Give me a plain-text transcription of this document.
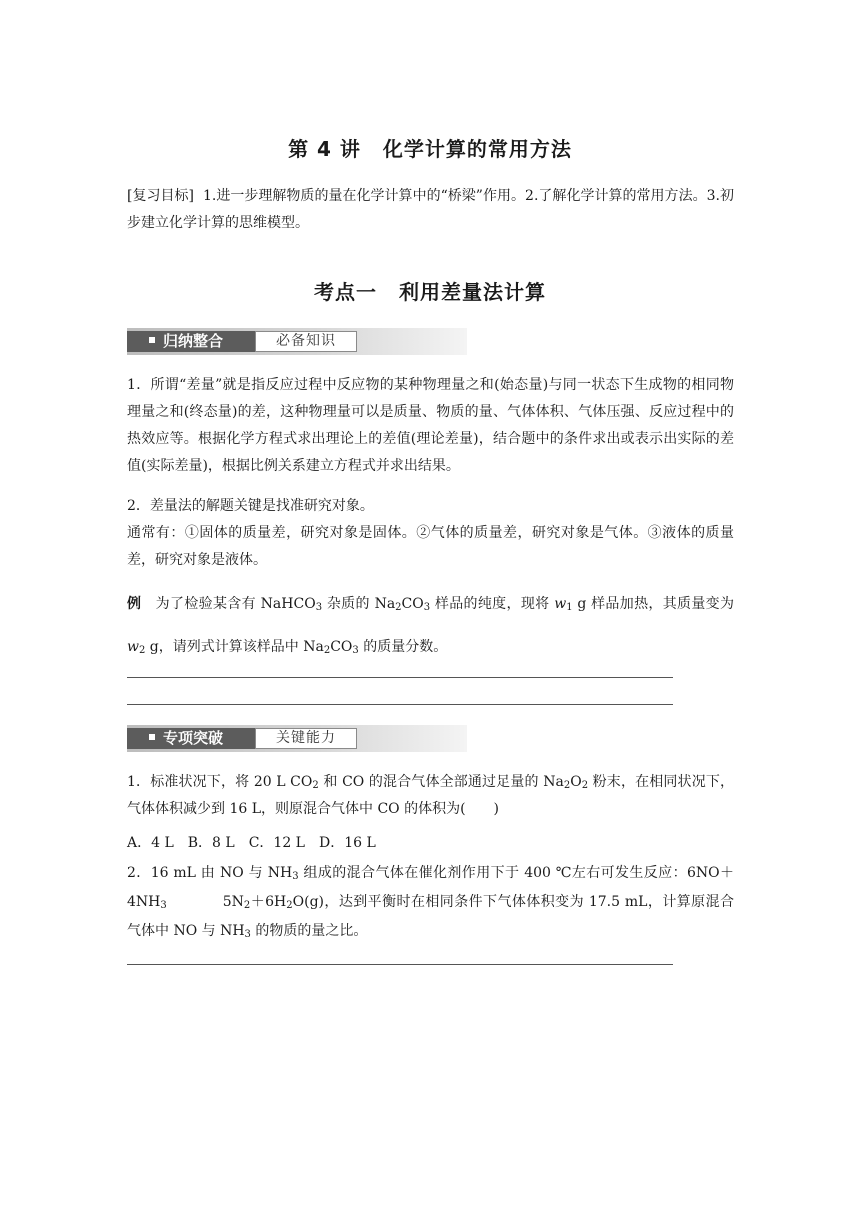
第 4 讲 化学计算的常用方法
[复习目标] 1.进一步理解物质的量在化学计算中的“桥梁”作用。2.了解化学计算的常用方法。3.初步建立化学计算的思维模型。
考点一 利用差量法计算
归纳整合	必备知识
1．所谓“差量”就是指反应过程中反应物的某种物理量之和(始态量)与同一状态下生成物的相同物理量之和(终态量)的差，这种物理量可以是质量、物质的量、气体体积、气体压强、反应过程中的热效应等。根据化学方程式求出理论上的差值(理论差量)，结合题中的条件求出或表示出实际的差值(实际差量)，根据比例关系建立方程式并求出结果。
2．差量法的解题关键是找准研究对象。
通常有：①固体的质量差，研究对象是固体。②气体的质量差，研究对象是气体。③液体的质量差，研究对象是液体。
例　 为了检验某含有 NaHCO$_3$ 杂质的 $Na_2CO_3$ 样品的纯度，现将 $w_1$ g 样品加热，其质量变为$w_2$ g，请列式计算该样品中 $Na_2CO_3$ 的质量分数。
专项突破	关键能力
1．标准状况下，将 20 L $CO_2$ 和 CO 的混合气体全部通过足量的 $Na_2O_2$ 粉末，在相同状况下，气体体积减少到 16 L，则原混合气体中 CO 的体积为(　　)
A．4 L　B．8 L　C．12 L　D．16 L
2．16 mL 由 NO 与 $NH_3$ 组成的混合气体在催化剂作用下于 400 ℃左右可发生反应：$6NO+4NH_3$	$5N_2+6H_2O(g)$，达到平衡时在相同条件下气体体积变为 17.5 mL，计算原混合气体中 NO 与 $NH_3$ 的物质的量之比。
